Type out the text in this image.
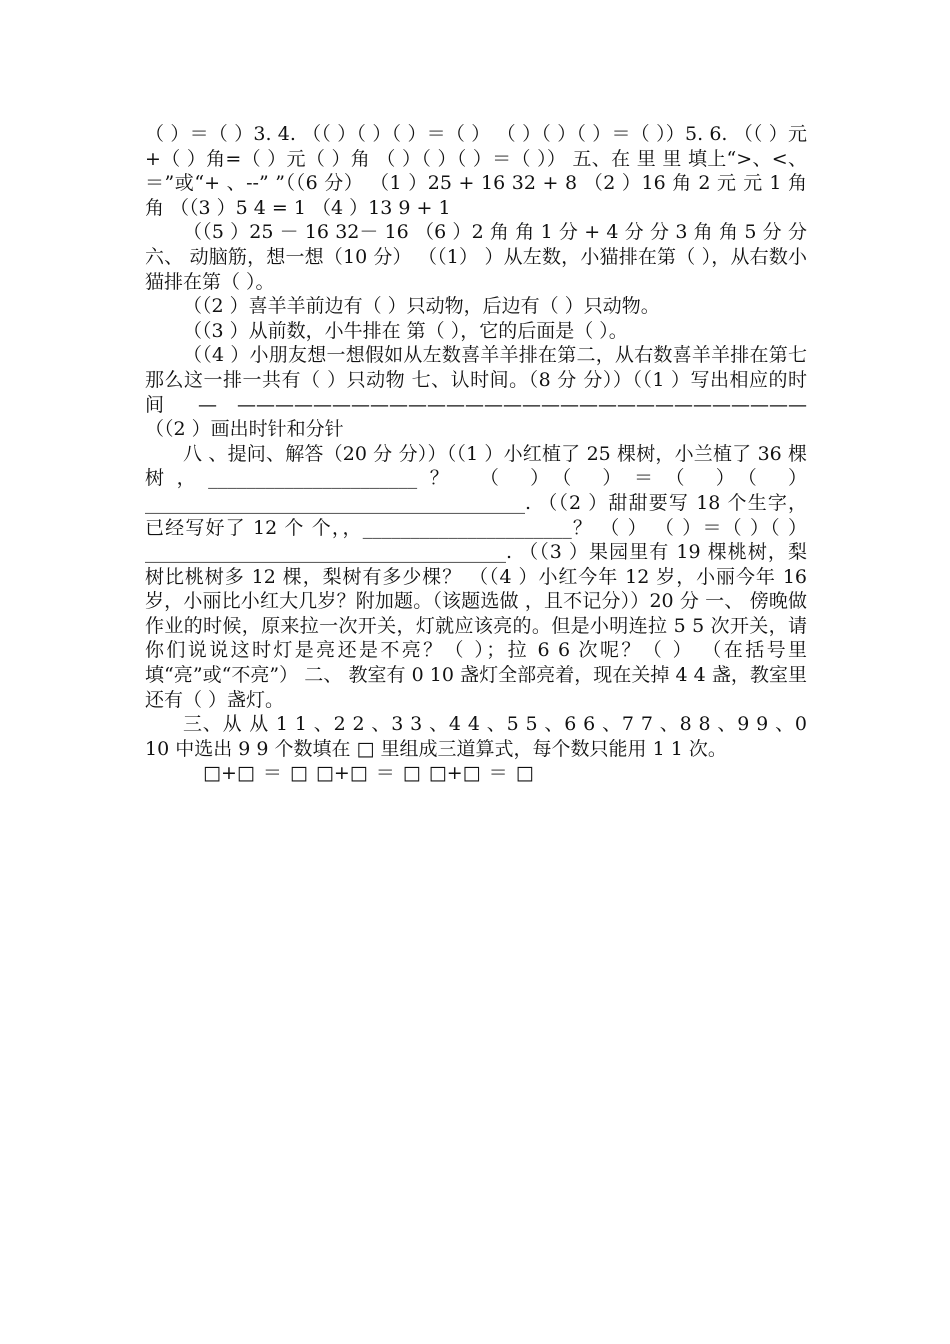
（ ）＝（ ）3. 4. （（ ）（ ）（ ）＝（ ） （ ）（ ）（ ）＝（ ））5. 6. （（ ）元+（ ）角=（ ）元（ ）角 （ ）（ ）（ ）＝（ ）） 五、在 里 里 填上“>、<、＝”或“+ 、--” ”（（6 分） （1 ）25 + 16 32 + 8 （2 ）16 角 2 元 元 1 角 角 （（3 ）5 4 = 1 （4 ）13 9 + 1

（（5 ）25 － 16 32－ 16 （6 ）2 角 角 1 分 + 4 分 分 3 角 角 5 分 分 六、 动脑筋，想一想（10 分） （（1） ）从左数，小猫排在第（ ），从右数小猫排在第（ ）。

（（2 ）喜羊羊前边有（ ）只动物，后边有（ ）只动物。

（（3 ）从前数，小牛排在 第（ ），它的后面是（ ）。

（（4 ）小朋友想一想假如从左数喜羊羊排在第二，从右数喜羊羊排在第七那么这一排一共有（ ）只动物 七、认时间。（8 分 分））（（1 ）写出相应的时间 — —————————————————————————————— （（2 ）画出时针和分针

八 、提问、解答（20 分 分））（（1 ）小红植了 25 棵树，小兰植了 36 棵树，______________________？ （ ）（ ）＝（ ）（ ） ________________________________________. （（2 ）甜甜要写 18 个生字，已经写好了 12 个 个，，______________________？ （ ） （ ）＝（ ）（ ） ______________________________________. （（3 ）果园里有 19 棵桃树，梨树比桃树多 12 棵，梨树有多少棵？ （（4 ）小红今年 12 岁，小丽今年 16 岁，小丽比小红大几岁？附加题。（该题选做 ，且不记分））20 分 一、 傍晚做作业的时候，原来拉一次开关，灯就应该亮的。但是小明连拉 5 5 次开关，请你们说说这时灯是亮还是不亮？（ ）；拉 6 6 次呢？（ ） （在括号里填“亮”或“不亮”） 二、 教室有 0 10 盏灯全部亮着，现在关掉 4 4 盏，教室里还有（ ）盏灯。

三、从 从 1 1 、2 2 、3 3 、4 4 、5 5 、6 6 、7 7 、8 8 、9 9 、0 10 中选出 9 9 个数填在 □ 里组成三道算式，每个数只能用 1 1 次。

□+□ ＝ □ □+□ ＝ □ □+□ ＝ □
